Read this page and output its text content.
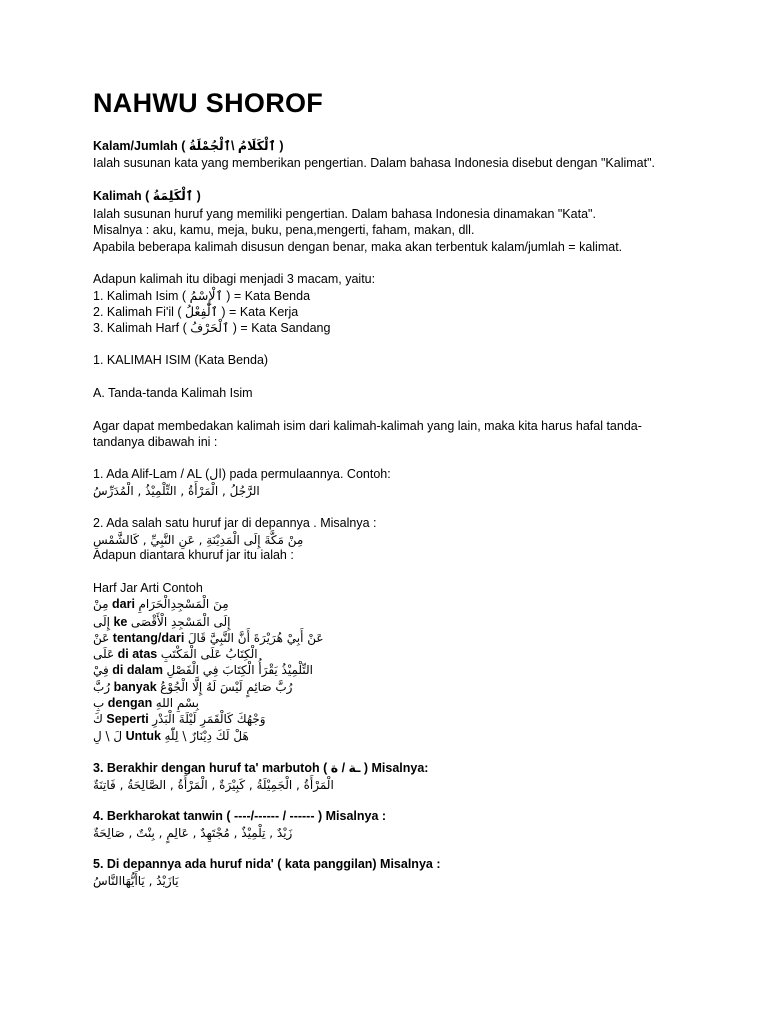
NAHWU SHOROF
Kalam/Jumlah ( ٱلْكَلَامُ \ٱلْجُمْلَةُ )
Ialah susunan kata yang memberikan pengertian. Dalam bahasa Indonesia disebut dengan "Kalimat".
Kalimah ( ٱلْكَلِمَةُ )
Ialah susunan huruf yang memiliki pengertian. Dalam bahasa Indonesia dinamakan "Kata".
Misalnya : aku, kamu, meja, buku, pena,mengerti, faham, makan, dll.
Apabila beberapa kalimah disusun dengan benar, maka akan terbentuk kalam/jumlah = kalimat.
Adapun kalimah itu dibagi menjadi 3 macam, yaitu:
1. Kalimah Isim ( ٱلْإِسْمُ ) = Kata Benda
2. Kalimah Fi'il ( ٱلْفِعْلُ ) = Kata Kerja
3. Kalimah Harf ( ٱلْحَرْفُ ) = Kata Sandang
1. KALIMAH ISIM (Kata Benda)
A. Tanda-tanda Kalimah Isim
Agar dapat membedakan kalimah isim dari kalimah-kalimah yang lain, maka kita harus hafal tanda-tandanya dibawah ini :
1. Ada Alif-Lam / AL (ال) pada permulaannya. Contoh:
الرَّجُلُ , الْمَرْأَةُ , التِّلْمِيْذُ , الْمُدَرِّسُ
2. Ada salah satu huruf jar di depannya . Misalnya :
مِنْ مَكَّةَ إِلَى الْمَدِيْنَةِ , عَنِ النَّبِيِّ , كَالشَّمْسِ
Adapun diantara khuruf jar itu ialah :
Harf Jar Arti Contoh
مِنْ dari مِنَ الْمَسْجِدِالْحَرَامِ
إِلَى ke إِلَى الْمَسْجِدِ الْأَقْصَى
عَنْ tentang/dari عَنْ أَبِيْ هُرَيْرَةَ أَنَّ النَّبِيَّ قَالَ
عَلَى di atas الْكِتَابُ عَلَى الْمَكْتَبِ
فِيْ di dalam التِّلْمِيْذُ يَقْرَأُ الْكِتَابَ فِي الْفَصْلِ
رُبَّ banyak رُبَّ صَائِمٍ لَيْسَ لَهُ إِلَّا الْجُوْعُ
بِ dengan بِسْمِ اللهِ
كَ Seperti وَجْهُكَ كَالْقَمَرِ لَيْلَةَ الْبَدْرِ
لَ \ لِ Untuk هَلْ لَكَ دِيْنَارٌ \ لِلّٰهِ
3. Berakhir dengan huruf ta' marbutoh ( ـة / ة ) Misalnya:
الْمَرْأَةُ , الْجَمِيْلَةُ , كَبِيْرَةٌ , الْمَرْأَةُ , الصَّالِحَةُ , فَاتِنَةٌ
4. Berkharokat tanwin ( ----/------ / ------ ) Misalnya :
زَيْدٌ , تِلْمِيْذٌ , مُجْتَهِدٌ , عَالِمٍ , بِنْتٌ , صَالِحَةٌ
5. Di depannya ada huruf nida' ( kata panggilan) Misalnya :
يَازَيْدُ , يَاأَيُّهَاالنَّاسُ
